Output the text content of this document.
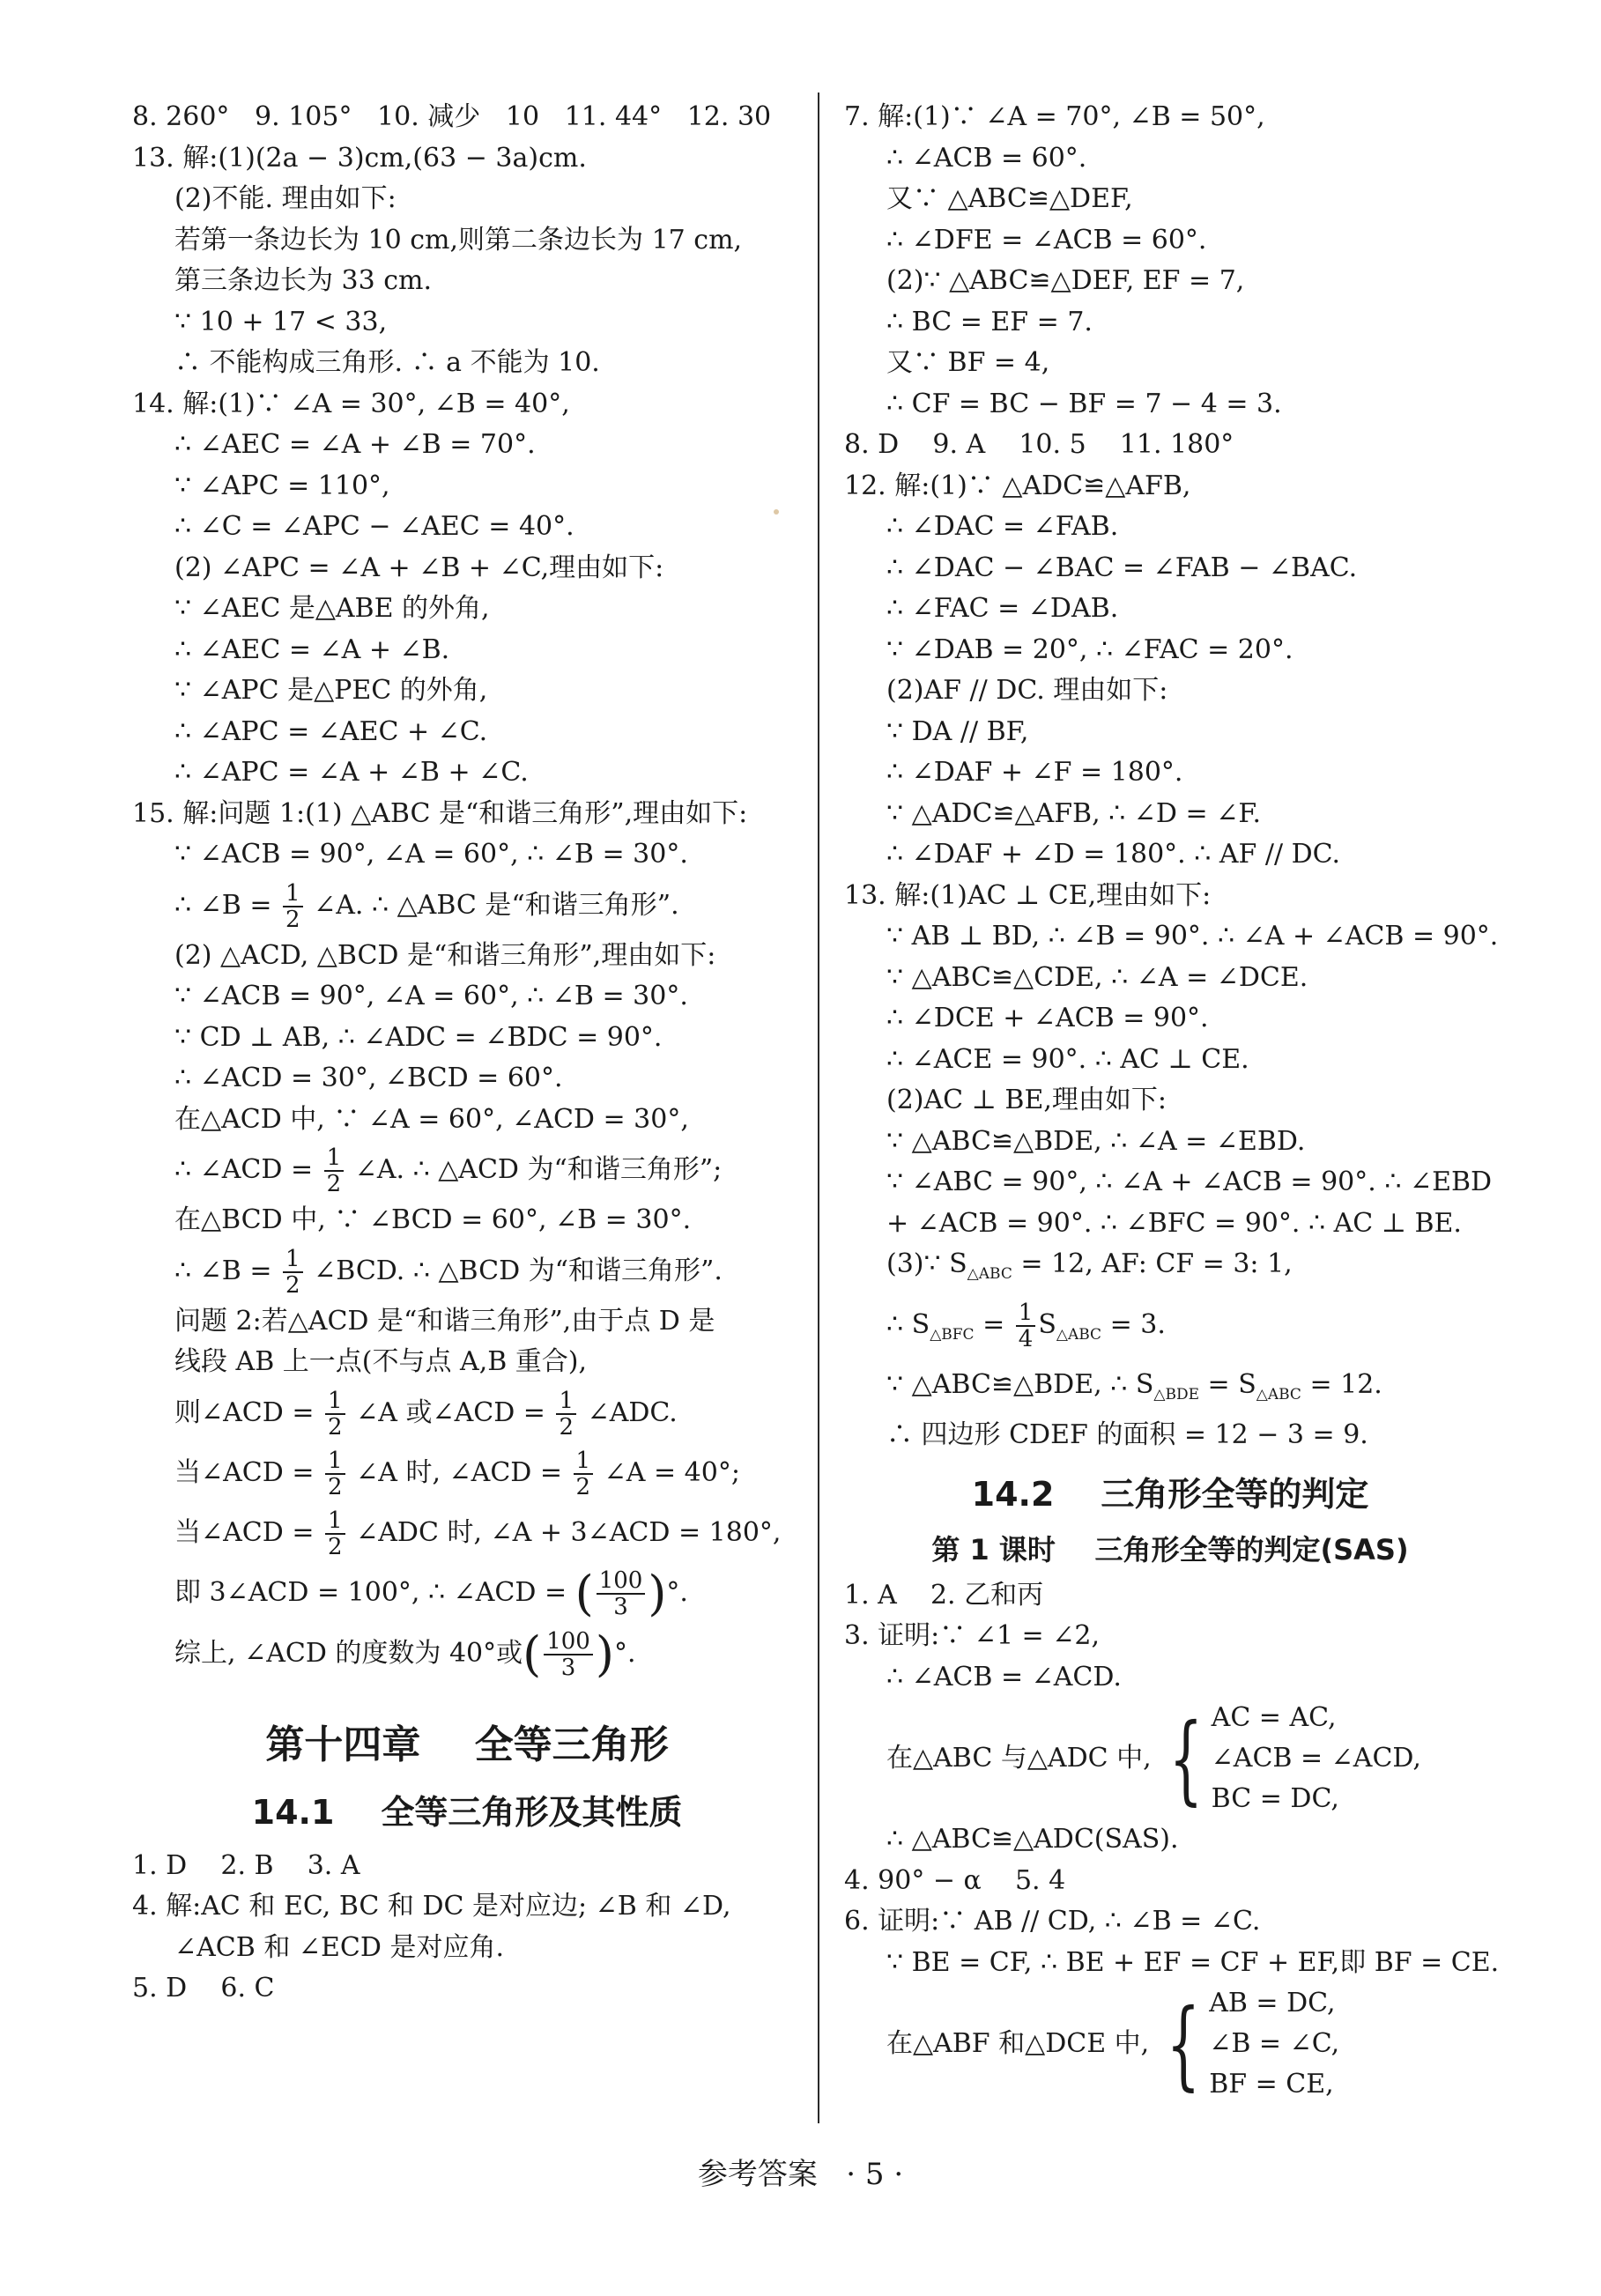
8. 260°   9. 105°   10. 减少   10   11. 44°   12. 30

13. 解:(1)(2a − 3)cm,(63 − 3a)cm.

(2)不能. 理由如下:

若第一条边长为 10 cm,则第二条边长为 17 cm,

第三条边长为 33 cm.

∵ 10 + 17 < 33,

∴ 不能构成三角形. ∴ a 不能为 10.

14. 解:(1)∵ ∠A = 30°, ∠B = 40°,

∴ ∠AEC = ∠A + ∠B = 70°.

∵ ∠APC = 110°,

∴ ∠C = ∠APC − ∠AEC = 40°.

(2) ∠APC = ∠A + ∠B + ∠C,理由如下:

∵ ∠AEC 是△ABE 的外角,

∴ ∠AEC = ∠A + ∠B.

∵ ∠APC 是△PEC 的外角,

∴ ∠APC = ∠AEC + ∠C.

∴ ∠APC = ∠A + ∠B + ∠C.

15. 解:问题 1:(1) △ABC 是“和谐三角形”,理由如下:

∵ ∠ACB = 90°, ∠A = 60°, ∴ ∠B = 30°.

∴ ∠B = $\frac{1}{2}$ ∠A. ∴ △ABC 是“和谐三角形”.

(2) △ACD, △BCD 是“和谐三角形”,理由如下:

∵ ∠ACB = 90°, ∠A = 60°, ∴ ∠B = 30°.

∵ CD ⊥ AB, ∴ ∠ADC = ∠BDC = 90°.

∴ ∠ACD = 30°, ∠BCD = 60°.

在△ACD 中, ∵ ∠A = 60°, ∠ACD = 30°,

∴ ∠ACD = $\frac{1}{2}$ ∠A. ∴ △ACD 为“和谐三角形”;

在△BCD 中, ∵ ∠BCD = 60°, ∠B = 30°.

∴ ∠B = $\frac{1}{2}$ ∠BCD. ∴ △BCD 为“和谐三角形”.

问题 2:若△ACD 是“和谐三角形”,由于点 D 是

线段 AB 上一点(不与点 A,B 重合),

则∠ACD = $\frac{1}{2}$ ∠A 或∠ACD = $\frac{1}{2}$ ∠ADC.

当∠ACD = $\frac{1}{2}$ ∠A 时, ∠ACD = $\frac{1}{2}$ ∠A = 40°;

当∠ACD = $\frac{1}{2}$ ∠ADC 时, ∠A + 3∠ACD = 180°,

即 3∠ACD = 100°, ∴ ∠ACD = ( $\frac{100}{3}$ )°.

综上, ∠ACD 的度数为 40°或( $\frac{100}{3}$ )°.

第十四章    全等三角形
14.1    全等三角形及其性质

1. D    2. B    3. A

4. 解:AC 和 EC, BC 和 DC 是对应边; ∠B 和 ∠D,

∠ACB 和 ∠ECD 是对应角.

5. D    6. C

7. 解:(1)∵ ∠A = 70°, ∠B = 50°,

∴ ∠ACB = 60°.

又∵ △ABC≌△DEF,

∴ ∠DFE = ∠ACB = 60°.

(2)∵ △ABC≌△DEF, EF = 7,

∴ BC = EF = 7.

又∵ BF = 4,

∴ CF = BC − BF = 7 − 4 = 3.

8. D    9. A    10. 5    11. 180°

12. 解:(1)∵ △ADC≌△AFB,

∴ ∠DAC = ∠FAB.

∴ ∠DAC − ∠BAC = ∠FAB − ∠BAC.

∴ ∠FAC = ∠DAB.

∵ ∠DAB = 20°, ∴ ∠FAC = 20°.

(2)AF // DC. 理由如下:

∵ DA // BF,

∴ ∠DAF + ∠F = 180°.

∵ △ADC≌△AFB, ∴ ∠D = ∠F.

∴ ∠DAF + ∠D = 180°. ∴ AF // DC.

13. 解:(1)AC ⊥ CE,理由如下:

∵ AB ⊥ BD, ∴ ∠B = 90°. ∴ ∠A + ∠ACB = 90°.

∵ △ABC≌△CDE, ∴ ∠A = ∠DCE.

∴ ∠DCE + ∠ACB = 90°.

∴ ∠ACE = 90°. ∴ AC ⊥ CE.

(2)AC ⊥ BE,理由如下:

∵ △ABC≌△BDE, ∴ ∠A = ∠EBD.

∵ ∠ABC = 90°, ∴ ∠A + ∠ACB = 90°. ∴ ∠EBD

+ ∠ACB = 90°. ∴ ∠BFC = 90°. ∴ AC ⊥ BE.

(3)∵ $S_{\triangle ABC} = 12$, AF: CF = 3: 1,

∴ $S_{\triangle BFC} = \frac{1}{4} S_{\triangle ABC} = 3$.

∵ △ABC≌△BDE, ∴ $S_{\triangle BDE} = S_{\triangle ABC} = 12$.

∴ 四边形 CDEF 的面积 = 12 − 3 = 9.

14.2    三角形全等的判定
第 1 课时    三角形全等的判定(SAS)

1. A    2. 乙和丙

3. 证明:∵ ∠1 = ∠2,

∴ ∠ACB = ∠ACD.

在△ABC 与△ADC 中, { AC = AC,
∠ACB = ∠ACD,
BC = DC,

∴ △ABC≌△ADC(SAS).

4. 90° − α    5. 4

6. 证明:∵ AB // CD, ∴ ∠B = ∠C.

∵ BE = CF, ∴ BE + EF = CF + EF,即 BF = CE.

在△ABF 和△DCE 中, { AB = DC,
∠B = ∠C,
BF = CE,
参考答案   · 5 ·
